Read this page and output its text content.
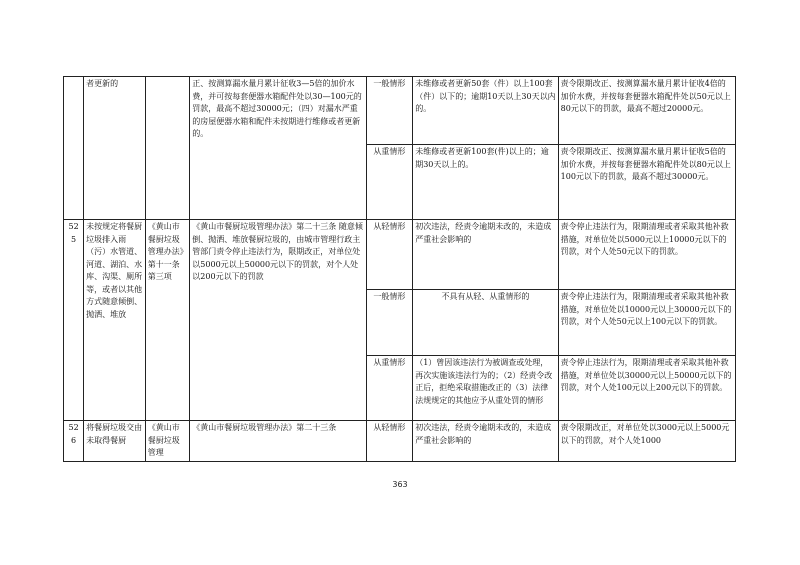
	者更新的		正、按测算漏水量月累计征收3—5倍的加价水费，并可按每套便器水箱配件处以30—100元的罚款，最高不超过30000元；（四）对漏水严重的房屋便器水箱和配件未按期进行维修或者更新的。	一般情形	未维修或者更新50套（件）以上100套（件）以下的；逾期10天以上30天以内的。	责令限期改正、按测算漏水量月累计征收4倍的加价水费，并按每套便器水箱配件处以50元以上80元以下的罚款，最高不超过20000元。
				从重情形	未维修或者更新100套(件)以上的；逾期30天以上的。	责令限期改正、按测算漏水量月累计征收5倍的加价水费，并按每套便器水箱配件处以80元以上100元以下的罚款，最高不超过30000元。
525	未按规定将餐厨垃圾排入雨（污）水管道、河道、湖泊、水库、沟渠、厕所等，或者以其他方式随意倾倒、抛洒、堆放	《黄山市餐厨垃圾管理办法》第十一条第三项	《黄山市餐厨垃圾管理办法》第二十三条 随意倾倒、抛洒、堆放餐厨垃圾的，由城市管理行政主管部门责令停止违法行为，限期改正，对单位处以5000元以上50000元以下的罚款，对个人处以200元以下的罚款	从轻情形	初次违法，经责令逾期未改的，未造成严重社会影响的	责令停止违法行为，限期清理或者采取其他补救措施，对单位处以5000元以上10000元以下的罚款，对个人处50元以下的罚款。
				一般情形	不具有从轻、从重情形的	责令停止违法行为，限期清理或者采取其他补救措施，对单位处以10000元以上30000元以下的罚款，对个人处50元以上100元以下的罚款。
				从重情形	（1）曾因该违法行为被调查或处理，再次实施该违法行为的；（2）经责令改正后，拒绝采取措施改正的（3）法律法规规定的其他应予从重处罚的情形	责令停止违法行为，限期清理或者采取其他补救措施，对单位处以30000元以上50000元以下的罚款，对个人处100元以上200元以下的罚款。
526	将餐厨垃圾交由未取得餐厨	《黄山市餐厨垃圾管理	《黄山市餐厨垃圾管理办法》第二十三条	从轻情形	初次违法，经责令逾期未改的，未造成严重社会影响的	责令限期改正，对单位处以3000元以上5000元以下的罚款，对个人处1000
363
